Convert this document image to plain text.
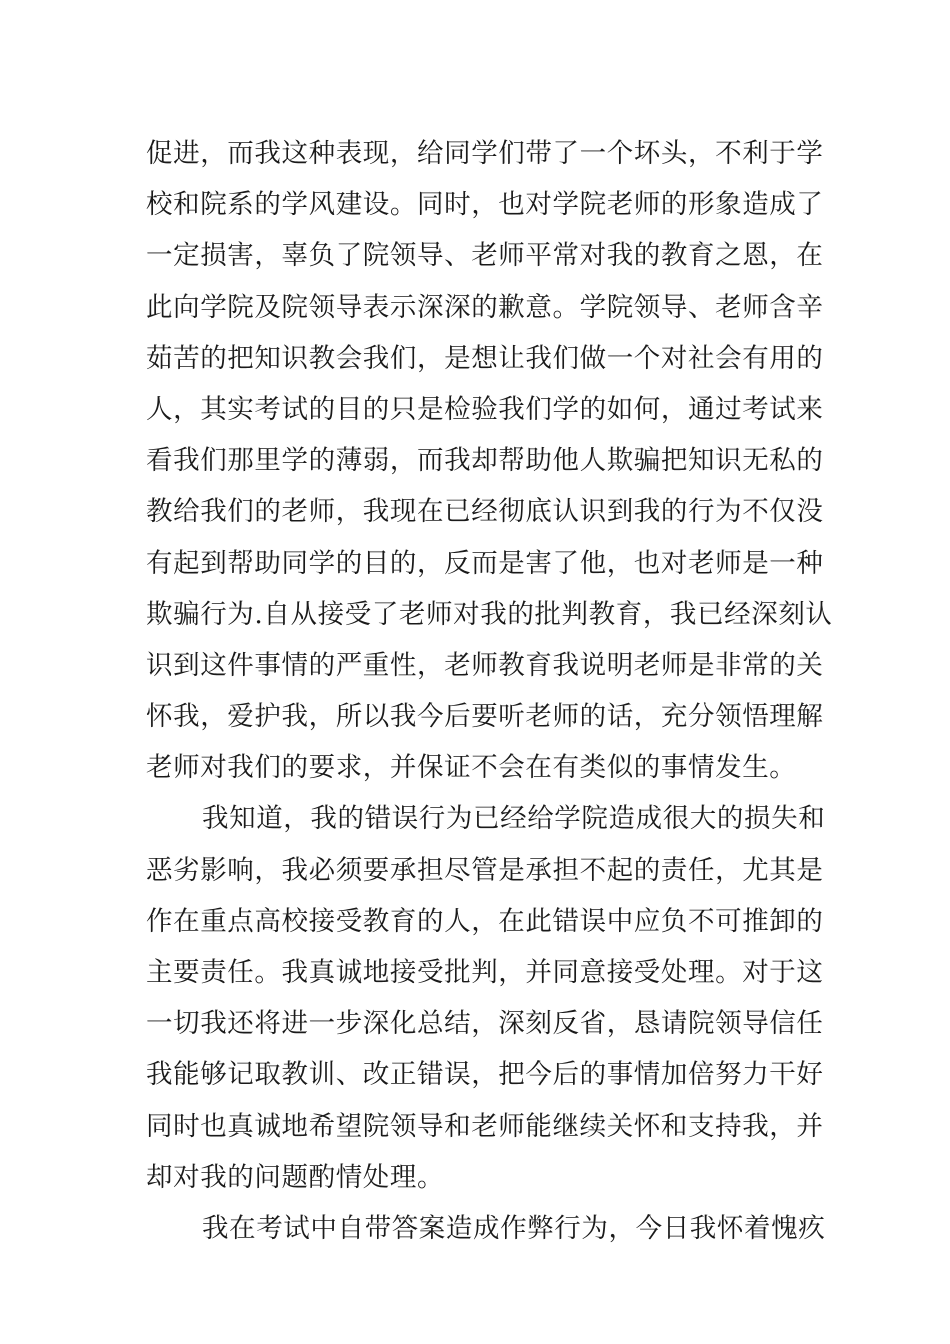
促进，而我这种表现，给同学们带了一个坏头，不利于学
校和院系的学风建设。同时，也对学院老师的形象造成了
一定损害，辜负了院领导、老师平常对我的教育之恩，在
此向学院及院领导表示深深的歉意。学院领导、老师含辛
茹苦的把知识教会我们，是想让我们做一个对社会有用的
人，其实考试的目的只是检验我们学的如何，通过考试来
看我们那里学的薄弱，而我却帮助他人欺骗把知识无私的
教给我们的老师，我现在已经彻底认识到我的行为不仅没
有起到帮助同学的目的，反而是害了他，也对老师是一种
欺骗行为.自从接受了老师对我的批判教育，我已经深刻认
识到这件事情的严重性，老师教育我说明老师是非常的关
怀我，爱护我，所以我今后要听老师的话，充分领悟理解
老师对我们的要求，并保证不会在有类似的事情发生。
我知道，我的错误行为已经给学院造成很大的损失和
恶劣影响，我必须要承担尽管是承担不起的责任，尤其是
作在重点高校接受教育的人，在此错误中应负不可推卸的
主要责任。我真诚地接受批判，并同意接受处理。对于这
一切我还将进一步深化总结，深刻反省，恳请院领导信任
我能够记取教训、改正错误，把今后的事情加倍努力干好
同时也真诚地希望院领导和老师能继续关怀和支持我，并
却对我的问题酌情处理。
我在考试中自带答案造成作弊行为，今日我怀着愧疚
